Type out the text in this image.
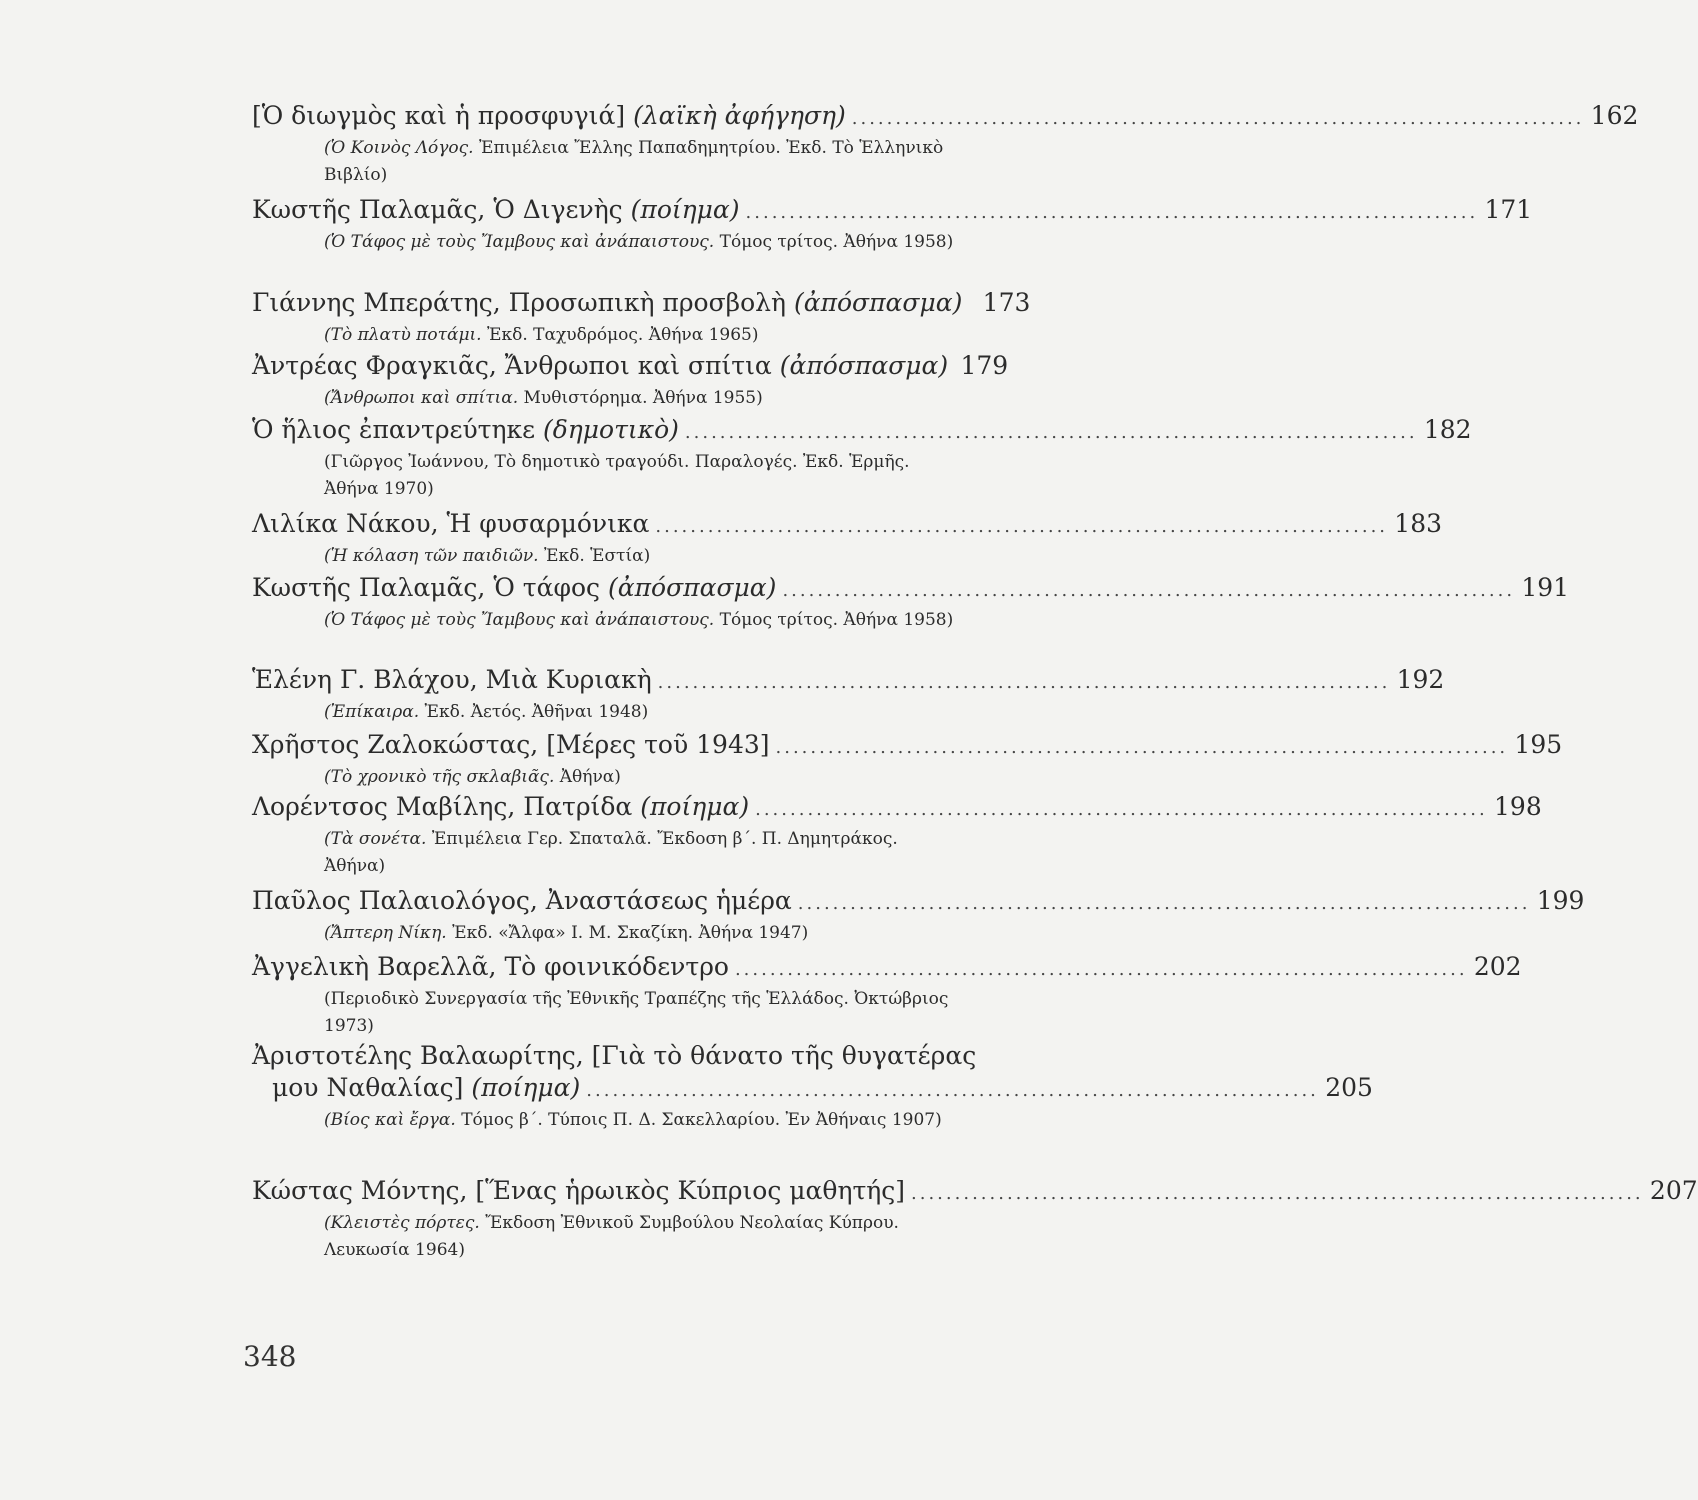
[Ὁ διωγμὸς καὶ ἡ προσφυγιά]
(λαϊκὴ ἀφήγηση) .................................................................................... 162
(Ὁ Κοινὸς Λόγος. Ἐπιμέλεια Ἔλλης Παπαδημητρίου. Ἐκδ. Τὸ Ἑλληνικὸ Βιβλίο)
Κωστῆς Παλαμᾶς, Ὁ Διγενὴς
(ποίημα) .................................................................................... 171
(Ὁ Τάφος μὲ τοὺς Ἴαμβους καὶ ἀνάπαιστους. Τόμος τρίτος. Ἀθήνα 1958)
Γιάννης Μπεράτης, Προσωπικὴ προσβολὴ
(ἀπόσπασμα) 173
(Τὸ πλατὺ ποτάμι. Ἐκδ. Ταχυδρόμος. Ἀθήνα 1965)
Ἀντρέας Φραγκιᾶς, Ἄνθρωποι καὶ σπίτια
(ἀπόσπασμα) 179
(Ἄνθρωποι καὶ σπίτια. Μυθιστόρημα. Ἀθήνα 1955)
Ὁ ἥλιος ἐπαντρεύτηκε
(δημοτικὸ) .................................................................................... 182
(Γιῶργος Ἰωάννου, Τὸ δημοτικὸ τραγούδι. Παραλογές. Ἐκδ. Ἑρμῆς. Ἀθήνα 1970)
Λιλίκα Νάκου, Ἡ φυσαρμόνικα .................................................................................... 183
(Ἡ κόλαση τῶν παιδιῶν. Ἐκδ. Ἑστία)
Κωστῆς Παλαμᾶς, Ὁ τάφος
(ἀπόσπασμα) .................................................................................... 191
(Ὁ Τάφος μὲ τοὺς Ἴαμβους καὶ ἀνάπαιστους. Τόμος τρίτος. Ἀθήνα 1958)
Ἑλένη Γ. Βλάχου, Μιὰ Κυριακὴ .................................................................................... 192
(Ἐπίκαιρα. Ἐκδ. Ἀετός. Ἀθῆναι 1948)
Χρῆστος Ζαλοκώστας, [Μέρες τοῦ 1943] .................................................................................... 195
(Τὸ χρονικὸ τῆς σκλαβιᾶς. Ἀθήνα)
Λορέντσος Μαβίλης, Πατρίδα
(ποίημα) .................................................................................... 198
(Τὰ σονέτα. Ἐπιμέλεια Γερ. Σπαταλᾶ. Ἔκδοση β΄. Π. Δημητράκος. Ἀθήνα)
Παῦλος Παλαιολόγος, Ἀναστάσεως ἡμέρα .................................................................................... 199
(Ἄπτερη Νίκη. Ἐκδ. «Ἄλφα» Ι. Μ. Σκαζίκη. Ἀθήνα 1947)
Ἀγγελικὴ Βαρελλᾶ, Τὸ φοινικόδεντρο .................................................................................... 202
(Περιοδικὸ Συνεργασία τῆς Ἐθνικῆς Τραπέζης τῆς Ἑλλάδος. Ὀκτώβριος 1973)
Ἀριστοτέλης Βαλαωρίτης, [Γιὰ τὸ θάνατο τῆς θυγατέρας
μου Ναθαλίας]
(ποίημα) .................................................................................... 205
(Βίος καὶ ἔργα. Τόμος β΄. Τύποις Π. Δ. Σακελλαρίου. Ἐν Ἀθήναις 1907)
Κώστας Μόντης, [Ἕνας ἡρωικὸς Κύπριος μαθητής] .................................................................................... 207
(Κλειστὲς πόρτες. Ἔκδοση Ἐθνικοῦ Συμβούλου Νεολαίας Κύπρου. Λευκωσία 1964)
348
